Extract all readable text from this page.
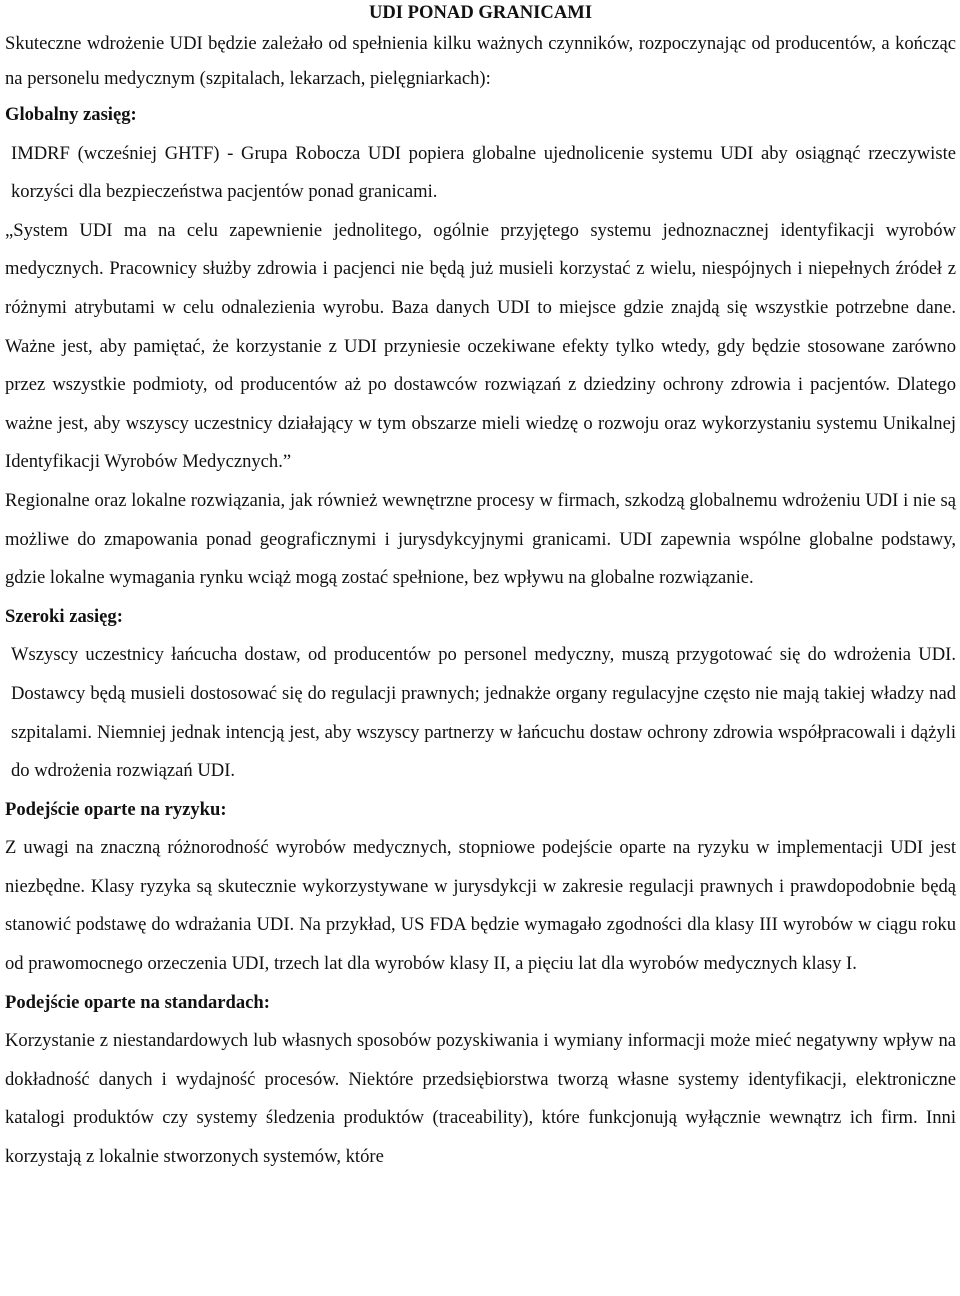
UDI PONAD GRANICAMI

Skuteczne wdrożenie UDI będzie zależało od spełnienia kilku ważnych czynników, rozpoczynając od producentów, a kończąc na personelu medycznym (szpitalach, lekarzach, pielęgniarkach):

Globalny zasięg:

IMDRF (wcześniej GHTF) - Grupa Robocza UDI popiera globalne ujednolicenie systemu UDI aby osiągnąć rzeczywiste korzyści dla bezpieczeństwa pacjentów ponad granicami.

„System UDI ma na celu zapewnienie jednolitego, ogólnie przyjętego systemu jednoznacznej identyfikacji wyrobów medycznych. Pracownicy służby zdrowia i pacjenci nie będą już musieli korzystać z wielu, niespójnych i niepełnych źródeł z różnymi atrybutami w celu odnalezienia wyrobu. Baza danych UDI to miejsce gdzie znajdą się wszystkie potrzebne dane. Ważne jest, aby pamiętać, że korzystanie z UDI przyniesie oczekiwane efekty tylko wtedy, gdy będzie stosowane zarówno przez wszystkie podmioty, od producentów aż po dostawców rozwiązań z dziedziny ochrony zdrowia i pacjentów. Dlatego ważne jest, aby wszyscy uczestnicy działający w tym obszarze mieli wiedzę o rozwoju oraz wykorzystaniu systemu Unikalnej Identyfikacji Wyrobów Medycznych.”

Regionalne oraz lokalne rozwiązania, jak również wewnętrzne procesy w firmach, szkodzą globalnemu wdrożeniu UDI i nie są możliwe do zmapowania ponad geograficznymi i jurysdykcyjnymi granicami. UDI zapewnia wspólne globalne podstawy, gdzie lokalne wymagania rynku wciąż mogą zostać spełnione, bez wpływu na globalne rozwiązanie.

Szeroki zasięg:

Wszyscy uczestnicy łańcucha dostaw, od producentów po personel medyczny, muszą przygotować się do wdrożenia UDI. Dostawcy będą musieli dostosować się do regulacji prawnych; jednakże organy regulacyjne często nie mają takiej władzy nad szpitalami. Niemniej jednak intencją jest, aby wszyscy partnerzy w łańcuchu dostaw ochrony zdrowia współpracowali i dążyli do wdrożenia rozwiązań UDI.

Podejście oparte na ryzyku:

Z uwagi na znaczną różnorodność wyrobów medycznych, stopniowe podejście oparte na ryzyku w implementacji UDI jest niezbędne. Klasy ryzyka są skutecznie wykorzystywane w jurysdykcji w zakresie regulacji prawnych i prawdopodobnie będą stanowić podstawę do wdrażania UDI. Na przykład, US FDA będzie wymagało zgodności dla klasy III wyrobów w ciągu roku od prawomocnego orzeczenia UDI, trzech lat dla wyrobów klasy II, a pięciu lat dla wyrobów medycznych klasy I.

Podejście oparte na standardach:

Korzystanie z niestandardowych lub własnych sposobów pozyskiwania i wymiany informacji może mieć negatywny wpływ na dokładność danych i wydajność procesów. Niektóre przedsiębiorstwa tworzą własne systemy identyfikacji, elektroniczne katalogi produktów czy systemy śledzenia produktów (traceability), które funkcjonują wyłącznie wewnątrz ich firm. Inni korzystają z lokalnie stworzonych systemów, które
